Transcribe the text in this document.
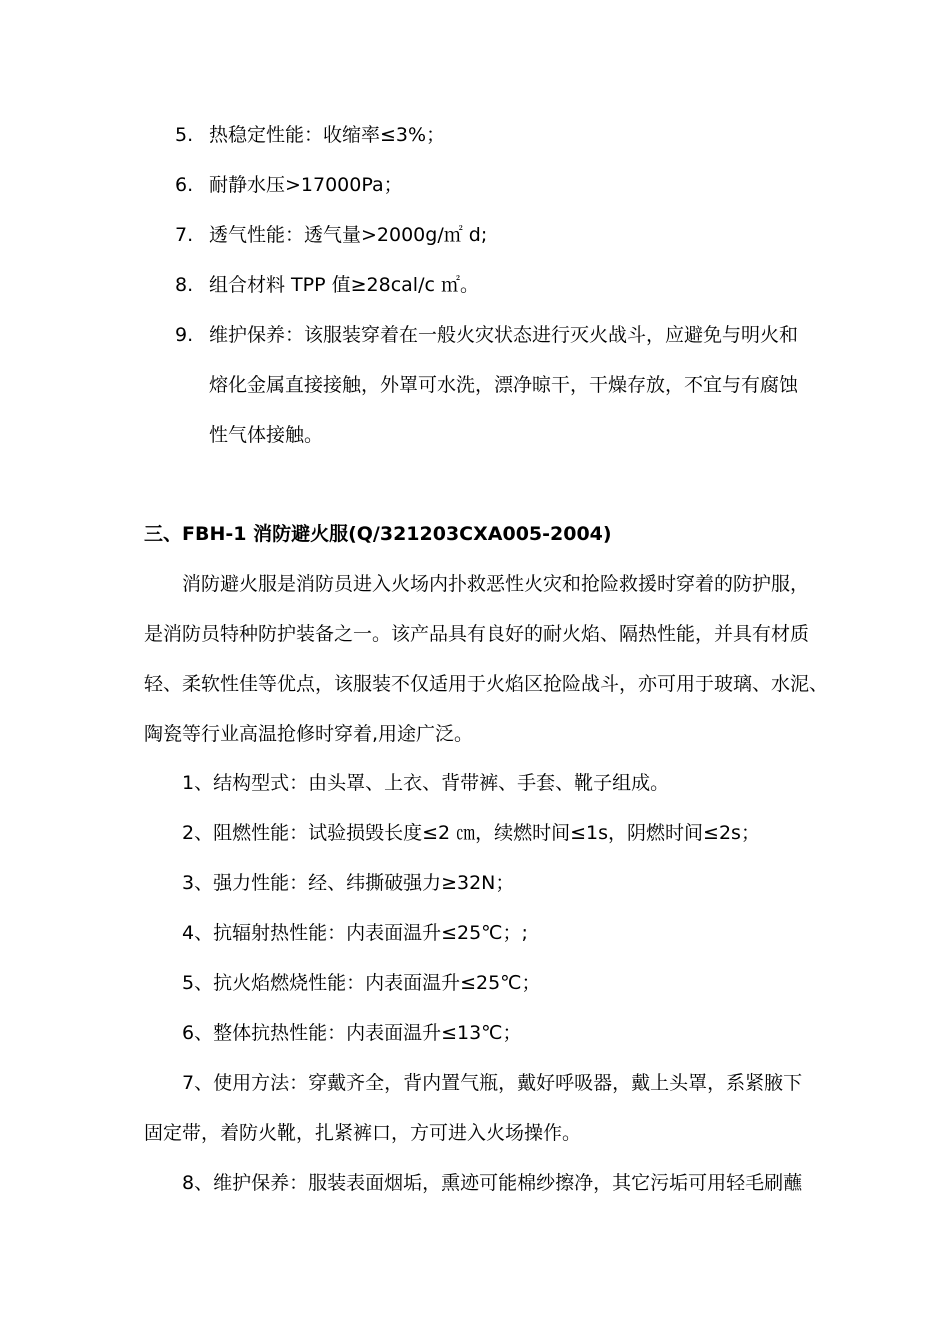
5. 热稳定性能：收缩率≤3%；
6. 耐静水压>17000Pa；
7. 透气性能：透气量>2000g/㎡ d;
8. 组合材料 TPP 值≥28cal/c ㎡。
9. 维护保养：该服装穿着在一般火灾状态进行灭火战斗，应避免与明火和
熔化金属直接接触，外罩可水洗，漂净晾干，干燥存放，不宜与有腐蚀
性气体接触。
三、FBH-1 消防避火服(Q/321203CXA005-2004)
消防避火服是消防员进入火场内扑救恶性火灾和抢险救援时穿着的防护服，
是消防员特种防护装备之一。该产品具有良好的耐火焰、隔热性能，并具有材质
轻、柔软性佳等优点，该服装不仅适用于火焰区抢险战斗，亦可用于玻璃、水泥、
陶瓷等行业高温抢修时穿着,用途广泛。
1、结构型式：由头罩、上衣、背带裤、手套、靴子组成。
2、阻燃性能：试验损毁长度≤2 ㎝，续燃时间≤1s，阴燃时间≤2s；
3、强力性能：经、纬撕破强力≥32N；
4、抗辐射热性能：内表面温升≤25℃；;
5、抗火焰燃烧性能：内表面温升≤25℃；
6、整体抗热性能：内表面温升≤13℃；
7、使用方法：穿戴齐全，背内置气瓶，戴好呼吸器，戴上头罩，系紧腋下
固定带，着防火靴，扎紧裤口，方可进入火场操作。
8、维护保养：服装表面烟垢，熏迹可能棉纱擦净，其它污垢可用轻毛刷蘸
